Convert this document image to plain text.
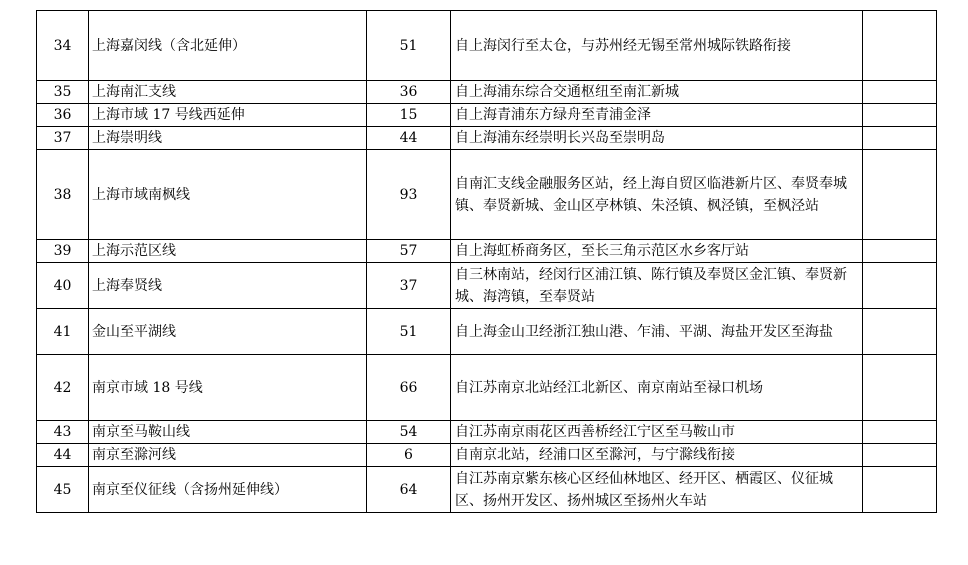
34	上海嘉闵线（含北延伸）	51	自上海闵行至太仓，与苏州经无锡至常州城际铁路衔接	
35	上海南汇支线	36	自上海浦东综合交通枢纽至南汇新城	
36	上海市域 17 号线西延伸	15	自上海青浦东方绿舟至青浦金泽	
37	上海崇明线	44	自上海浦东经崇明长兴岛至崇明岛	
38	上海市域南枫线	93	自南汇支线金融服务区站，经上海自贸区临港新片区、奉贤奉城镇、奉贤新城、金山区亭林镇、朱泾镇、枫泾镇，至枫泾站	
39	上海示范区线	57	自上海虹桥商务区，至长三角示范区水乡客厅站	
40	上海奉贤线	37	自三林南站，经闵行区浦江镇、陈行镇及奉贤区金汇镇、奉贤新城、海湾镇，至奉贤站	
41	金山至平湖线	51	自上海金山卫经浙江独山港、乍浦、平湖、海盐开发区至海盐	
42	南京市域 18 号线	66	自江苏南京北站经江北新区、南京南站至禄口机场	
43	南京至马鞍山线	54	自江苏南京雨花区西善桥经江宁区至马鞍山市	
44	南京至滁河线	6	自南京北站，经浦口区至滁河，与宁滁线衔接	
45	南京至仪征线（含扬州延伸线）	64	自江苏南京紫东核心区经仙林地区、经开区、栖霞区、仪征城区、扬州开发区、扬州城区至扬州火车站	
